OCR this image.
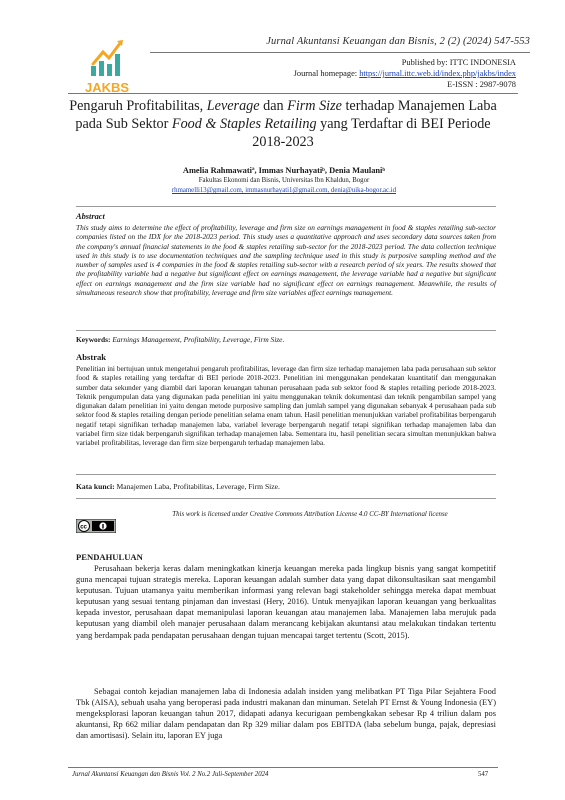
JAKBS
Jurnal Akuntansi Keuangan dan Bisnis, 2 (2) (2024) 547-553
Published by: ITTC INDONESIA
Journal homepage: https://jurnal.ittc.web.id/index.php/jakbs/index
E-ISSN : 2987-9078
Pengaruh Profitabilitas, Leverage dan Firm Size terhadap Manajemen Laba pada Sub Sektor Food & Staples Retailing yang Terdaftar di BEI Periode 2018-2023
Amelia Rahmawatiª, Immas Nurhayatiᵇ, Denia Maulaniᵇ
Fakultas Ekonomi dan Bisnis, Universitas Ibn Khaldun, Bogor
rhmamelli13@gmail.com, immasnurhayati1@gmail.com, denia@uika-bogor.ac.id
Abstract
This study aims to determine the effect of profitability, leverage and firm size on earnings management in food & staples retailing sub-sector companies listed on the IDX for the 2018-2023 period. This study uses a quantitative approach and uses secondary data sources taken from the company's annual financial statements in the food & staples retailing sub-sector for the 2018-2023 period. The data collection technique used in this study is to use documentation techniques and the sampling technique used in this study is purposive sampling method and the number of samples used is 4 companies in the food & staples retailing sub-sector with a research period of six years. The results showed that the profitability variable had a negative but significant effect on earnings management, the leverage variable had a negative but significant effect on earnings management and the firm size variable had no significant effect on earnings management. Meanwhile, the results of simultaneous research show that profitability, leverage and firm size variables affect earnings management.
Keywords: Earnings Management, Profitability, Leverage, Firm Size.
Abstrak
Penelitian ini bertujuan untuk mengetahui pengaruh profitabilitas, leverage dan firm size terhadap manajemen laba pada perusahaan sub sektor food & staples retailing yang terdaftar di BEI periode 2018-2023. Penelitian ini menggunakan pendekatan kuantitatif dan menggunakan sumber data sekunder yang diambil dari laporan keuangan tahunan perusahaan pada sub sektor food & staples retailing periode 2018-2023. Teknik pengumpulan data yang digunakan pada penelitian ini yaitu menggunakan teknik dokumentasi dan teknik pengambilan sampel yang digunakan dalam penelitian ini yaitu dengan metode purposive sampling dan jumlah sampel yang digunakan sebanyak 4 perusahaan pada sub sektor food & staples retailing dengan periode penelitian selama enam tahun. Hasil penelitian menunjukkan variabel profitabilitas berpengaruh negatif tetapi signifikan terhadap manajemen laba, variabel leverage berpengaruh negatif tetapi signifikan terhadap manajemen laba dan variabel firm size tidak berpengaruh signifikan terhadap manajemen laba. Sementara itu, hasil penelitian secara simultan menunjukkan bahwa variabel profitabilitas, leverage dan firm size berpengaruh terhadap manajemen laba.
Kata kunci: Manajemen Laba, Profitabilitas, Leverage, Firm Size.
cc
This work is licensed under Creative Commons Attribution License 4.0 CC-BY International license
PENDAHULUAN
Perusahaan bekerja keras dalam meningkatkan kinerja keuangan mereka pada lingkup bisnis yang sangat kompetitif guna mencapai tujuan strategis mereka. Laporan keuangan adalah sumber data yang dapat dikonsultasikan saat mengambil keputusan. Tujuan utamanya yaitu memberikan informasi yang relevan bagi stakeholder sehingga mereka dapat membuat keputusan yang sesuai tentang pinjaman dan investasi (Hery, 2016). Untuk menyajikan laporan keuangan yang berkualitas kepada investor, perusahaan dapat memanipulasi laporan keuangan atau manajemen laba. Manajemen laba merujuk pada keputusan yang diambil oleh manajer perusahaan dalam merancang kebijakan akuntansi atau melakukan tindakan tertentu yang berdampak pada pendapatan perusahaan dengan tujuan mencapai target tertentu (Scott, 2015).
Sebagai contoh kejadian manajemen laba di Indonesia adalah insiden yang melibatkan PT Tiga Pilar Sejahtera Food Tbk (AISA), sebuah usaha yang beroperasi pada industri makanan dan minuman. Setelah PT Ernst & Young Indonesia (EY) mengeksplorasi laporan keuangan tahun 2017, didapati adanya kecurigaan pembengkakan sebesar Rp 4 triliun dalam pos akuntansi, Rp 662 miliar dalam pendapatan dan Rp 329 miliar dalam pos EBITDA (laba sebelum bunga, pajak, depresiasi dan amortisasi). Selain itu, laporan EY juga
Jurnal Akuntansi Keuangan dan Bisnis Vol. 2 No.2 Juli-September 2024	547
